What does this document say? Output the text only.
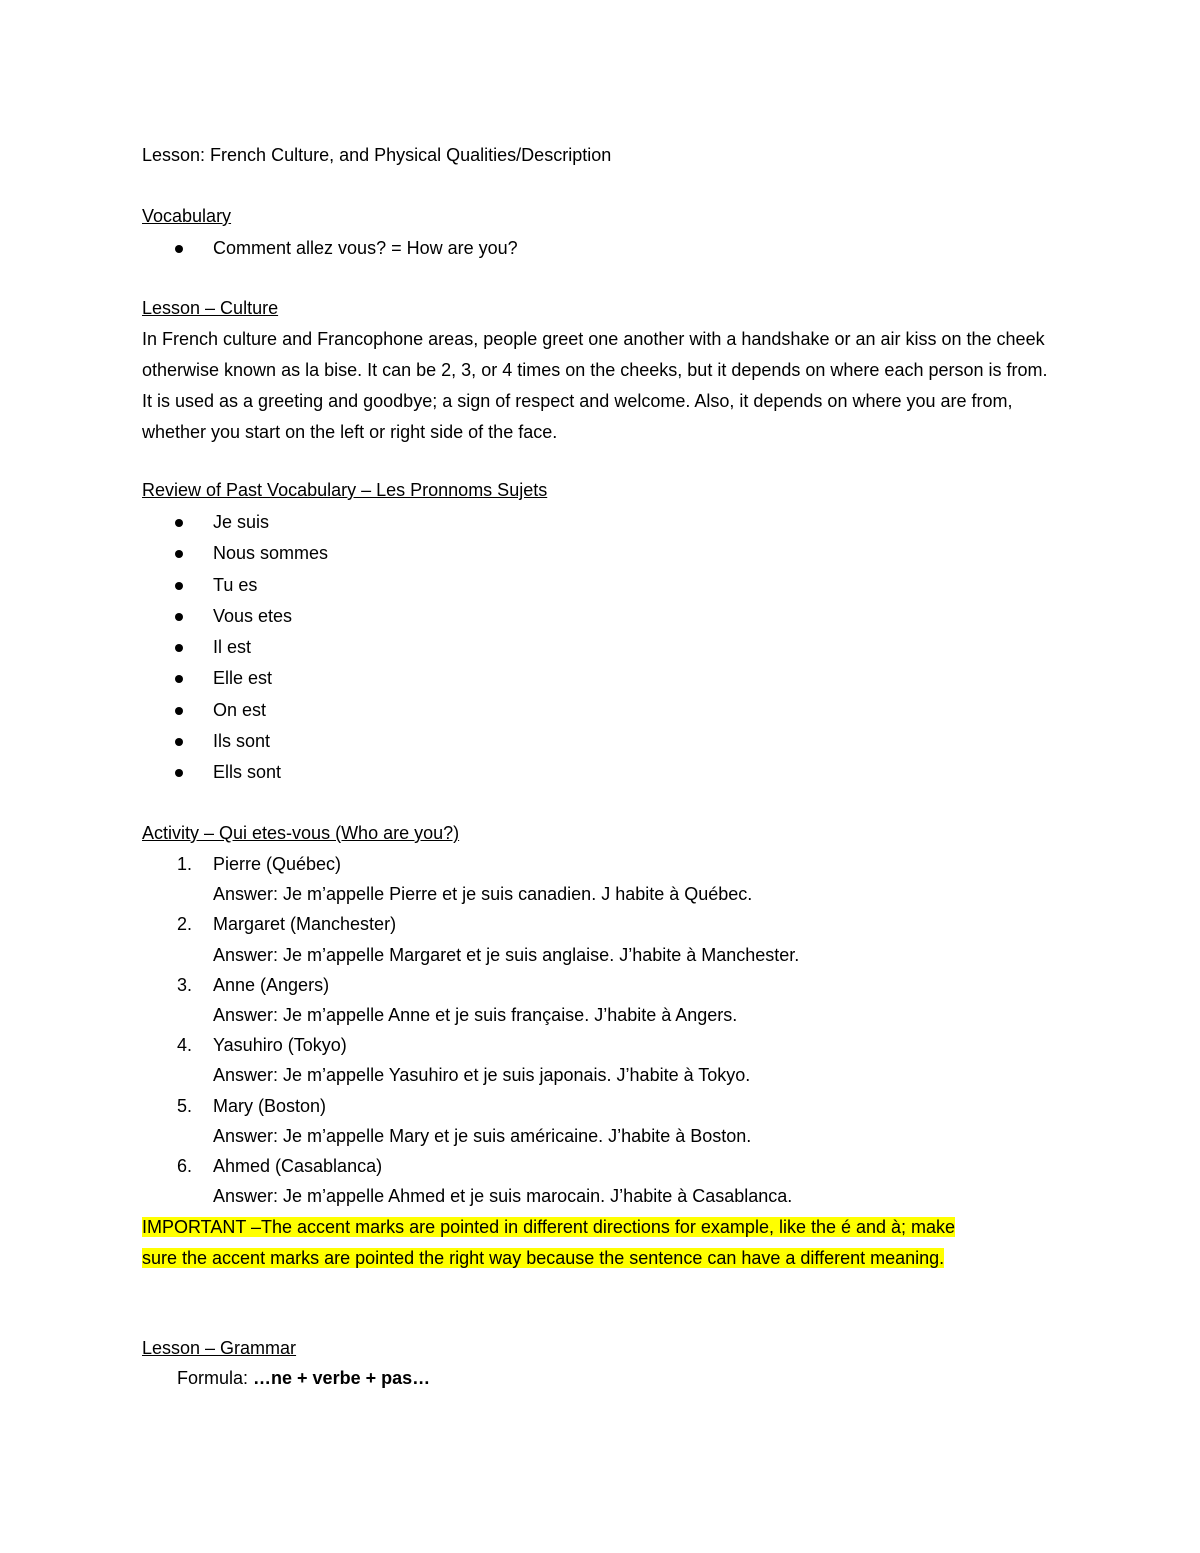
Lesson: French Culture, and Physical Qualities/Description
Vocabulary
Comment allez vous? = How are you?
Lesson – Culture
In French culture and Francophone areas, people greet one another with a handshake or an air kiss on the cheek otherwise known as la bise. It can be 2, 3, or 4 times on the cheeks, but it depends on where each person is from. It is used as a greeting and goodbye; a sign of respect and welcome. Also, it depends on where you are from, whether you start on the left or right side of the face.
Review of Past Vocabulary – Les Pronnoms Sujets
Je suis
Nous sommes
Tu es
Vous etes
Il est
Elle est
On est
Ils sont
Ells sont
Activity – Qui etes-vous (Who are you?)
1. Pierre (Québec)
Answer: Je m’appelle Pierre et je suis canadien. J habite à Québec.
2. Margaret (Manchester)
Answer: Je m’appelle Margaret et je suis anglaise. J’habite à Manchester.
3. Anne (Angers)
Answer: Je m’appelle Anne et je suis française. J’habite à Angers.
4. Yasuhiro (Tokyo)
Answer: Je m’appelle Yasuhiro et je suis japonais. J’habite à Tokyo.
5. Mary (Boston)
Answer: Je m’appelle Mary et je suis américaine. J’habite à Boston.
6. Ahmed (Casablanca)
Answer: Je m’appelle Ahmed et je suis marocain. J’habite à Casablanca.
IMPORTANT –The accent marks are pointed in different directions for example, like the é and à; make
sure the accent marks are pointed the right way because the sentence can have a different meaning.
Lesson – Grammar
Formula: …ne + verbe + pas…
